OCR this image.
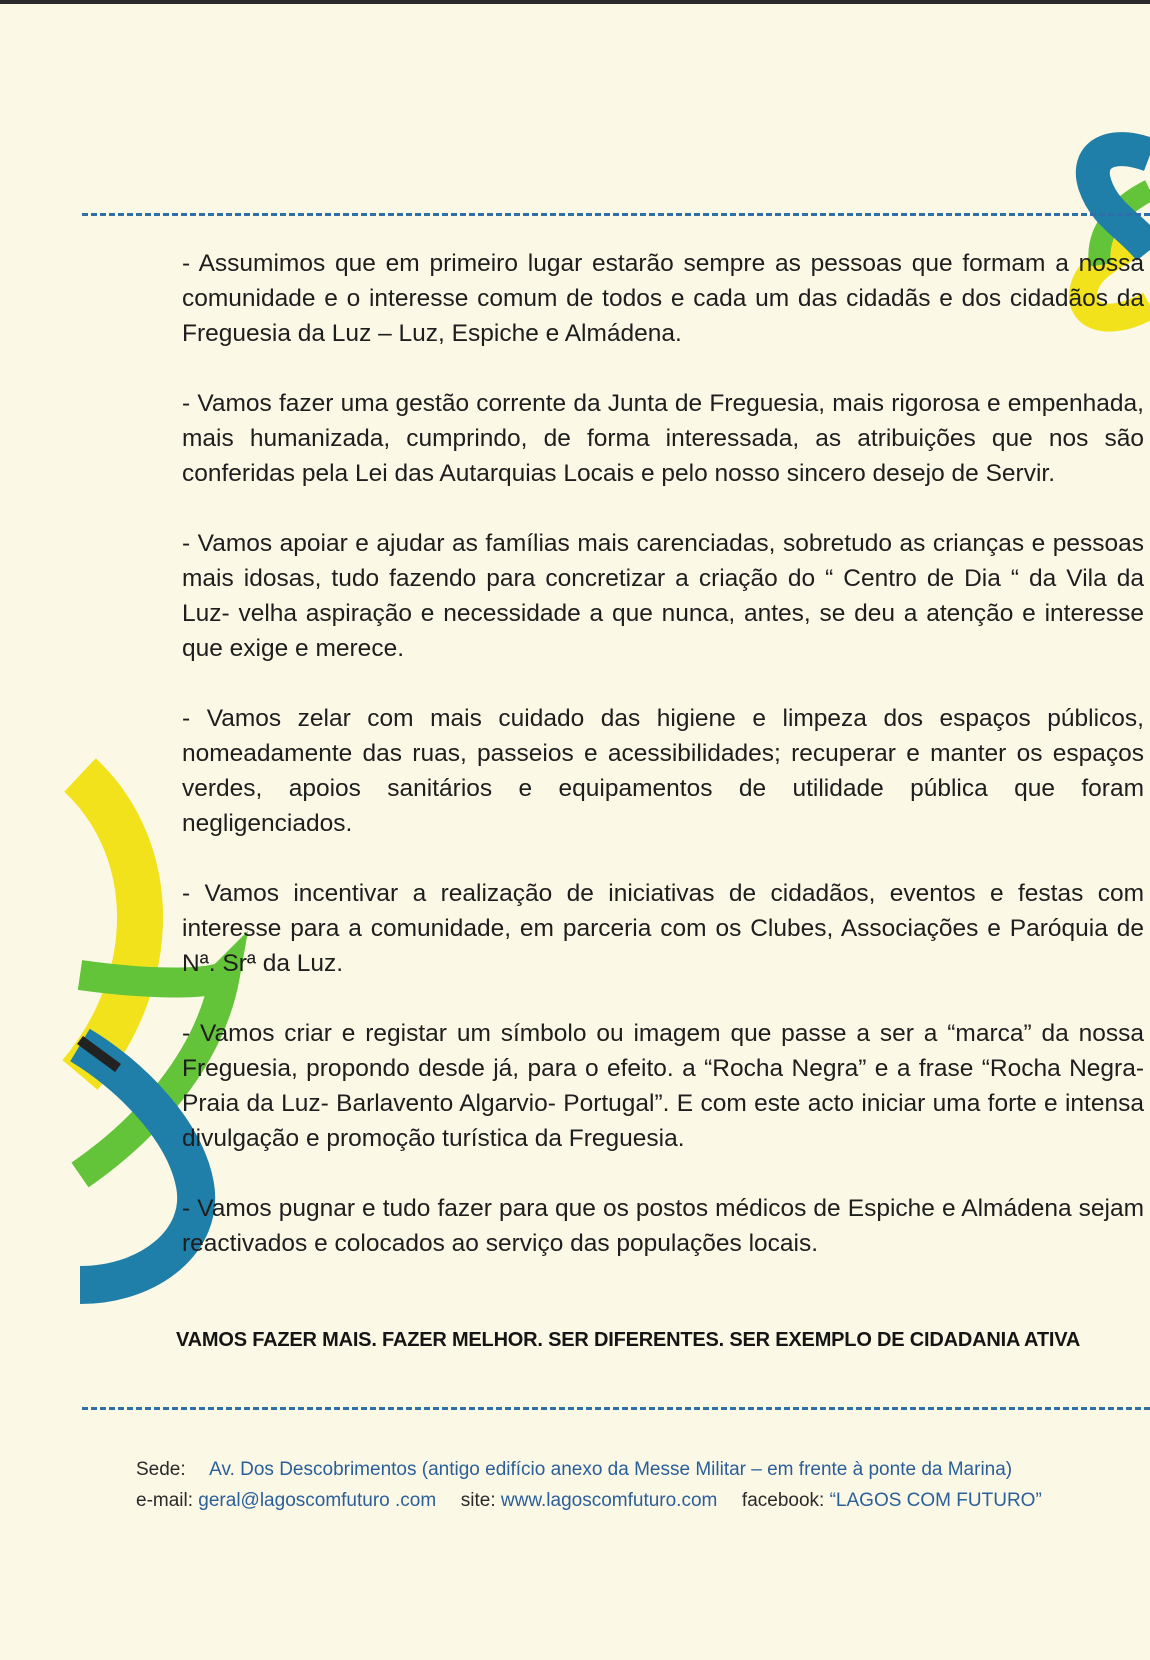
- Assumimos que em primeiro lugar estarão sempre as pessoas que formam a nossa comunidade e o interesse comum de todos e cada um das cidadãs e dos cidadãos da Freguesia da Luz – Luz, Espiche e Almádena.

- Vamos fazer uma gestão corrente da Junta de Freguesia, mais rigorosa e empenhada, mais humanizada, cumprindo, de forma interessada, as atribuições que nos são conferidas pela Lei das Autarquias Locais e pelo nosso sincero desejo de Servir.

- Vamos apoiar e ajudar as famílias mais carenciadas, sobretudo as crianças e pessoas mais idosas, tudo fazendo para concretizar a criação do “ Centro de Dia “ da Vila da Luz- velha aspiração e necessidade a que nunca, antes, se deu a atenção e interesse que exige e merece.

- Vamos zelar com mais cuidado das higiene e limpeza dos espaços públicos, nomeadamente das ruas, passeios e acessibilidades; recuperar e manter os espaços verdes, apoios sanitários e equipamentos de utilidade pública que foram negligenciados.

- Vamos incentivar a realização de iniciativas de cidadãos, eventos e festas com interesse para a comunidade, em parceria com os Clubes, Associações e Paróquia de Nª. Srª da Luz.

- Vamos criar e registar um símbolo ou imagem que passe a ser a “marca” da nossa Freguesia, propondo desde já, para o efeito. a “Rocha Negra” e a frase “Rocha Negra-Praia da Luz- Barlavento Algarvio- Portugal”. E com este acto iniciar uma forte e intensa divulgação e promoção turística da Freguesia.

- Vamos pugnar e tudo fazer para que os postos médicos de Espiche e Almádena sejam reactivados e colocados ao serviço das populações locais.

VAMOS FAZER MAIS. FAZER MELHOR. SER DIFERENTES. SER EXEMPLO DE CIDADANIA ATIVA
Sede: Av. Dos Descobrimentos (antigo edifício anexo da Messe Militar – em frente à ponte da Marina)
e-mail: geral@lagoscomfuturo .com site: www.lagoscomfuturo.com facebook: “LAGOS COM FUTURO”
